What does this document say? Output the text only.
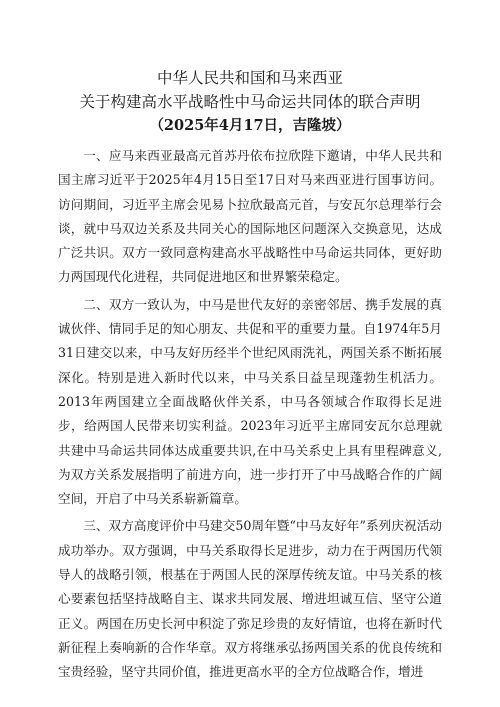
中华人民共和国和马来西亚
关于构建高水平战略性中马命运共同体的联合声明
（2025年4月17日，吉隆坡）

一、应马来西亚最高元首苏丹依布拉欣陛下邀请，中华人民共和国主席习近平于2025年4月15日至17日对马来西亚进行国事访问。访问期间，习近平主席会见易卜拉欣最高元首，与安瓦尔总理举行会谈，就中马双边关系及共同关心的国际地区问题深入交换意见，达成广泛共识。双方一致同意构建高水平战略性中马命运共同体，更好助力两国现代化进程，共同促进地区和世界繁荣稳定。

二、双方一致认为，中马是世代友好的亲密邻居、携手发展的真诚伙伴、情同手足的知心朋友、共促和平的重要力量。自1974年5月31日建交以来，中马友好历经半个世纪风雨洗礼，两国关系不断拓展深化。特别是进入新时代以来，中马关系日益呈现蓬勃生机活力。2013年两国建立全面战略伙伴关系，中马各领域合作取得长足进步，给两国人民带来切实利益。2023年习近平主席同安瓦尔总理就共建中马命运共同体达成重要共识,在中马关系史上具有里程碑意义,为双方关系发展指明了前进方向，进一步打开了中马战略合作的广阔空间，开启了中马关系崭新篇章。

三、双方高度评价中马建交50周年暨“中马友好年”系列庆祝活动成功举办。双方强调，中马关系取得长足进步，动力在于两国历代领导人的战略引领，根基在于两国人民的深厚传统友谊。中马关系的核心要素包括坚持战略自主、谋求共同发展、增进坦诚互信、坚守公道正义。两国在历史长河中积淀了弥足珍贵的友好情谊，也将在新时代新征程上奏响新的合作华章。双方将继承弘扬两国关系的优良传统和宝贵经验，坚守共同价值，推进更高水平的全方位战略合作，增进
